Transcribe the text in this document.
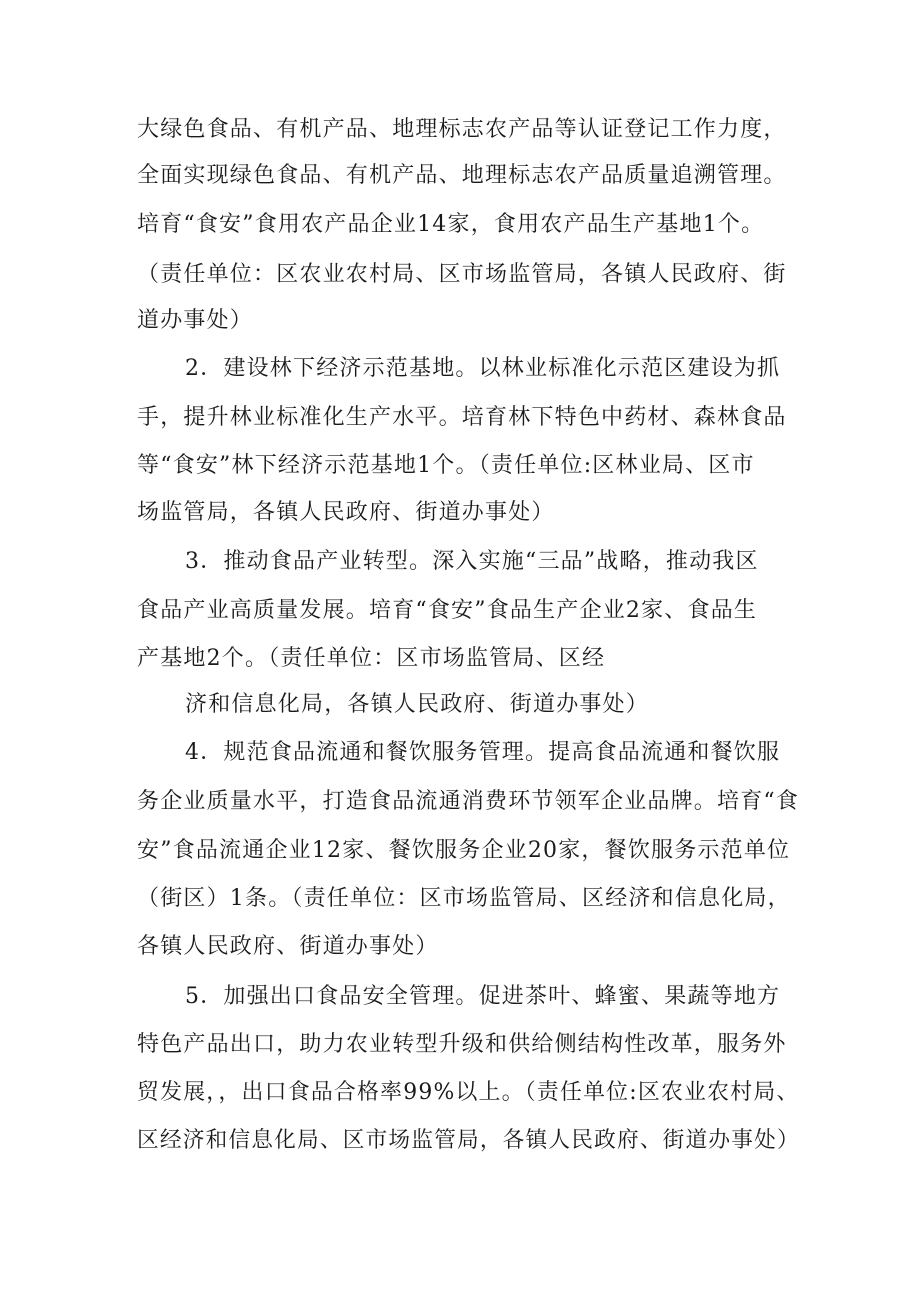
大绿色食品、有机产品、地理标志农产品等认证登记工作力度，
全面实现绿色食品、有机产品、地理标志农产品质量追溯管理。
培育“食安”食用农产品企业14家，食用农产品生产基地1个。
（责任单位：区农业农村局、区市场监管局，各镇人民政府、街
道办事处）
2．建设林下经济示范基地。以林业标准化示范区建设为抓
手，提升林业标准化生产水平。培育林下特色中药材、森林食品
等“食安”林下经济示范基地1个。（责任单位:区林业局、区市
场监管局，各镇人民政府、街道办事处）
3．推动食品产业转型。深入实施“三品”战略，推动我区
食品产业高质量发展。培育“食安”食品生产企业2家、食品生
产基地2个。（责任单位：区市场监管局、区经
济和信息化局，各镇人民政府、街道办事处）
4．规范食品流通和餐饮服务管理。提高食品流通和餐饮服
务企业质量水平，打造食品流通消费环节领军企业品牌。培育“食
安”食品流通企业12家、餐饮服务企业20家，餐饮服务示范单位
（街区）1条。（责任单位：区市场监管局、区经济和信息化局，
各镇人民政府、街道办事处）
5．加强出口食品安全管理。促进茶叶、蜂蜜、果蔬等地方
特色产品出口，助力农业转型升级和供给侧结构性改革，服务外
贸发展，，出口食品合格率99%以上。（责任单位:区农业农村局、
区经济和信息化局、区市场监管局，各镇人民政府、街道办事处）
